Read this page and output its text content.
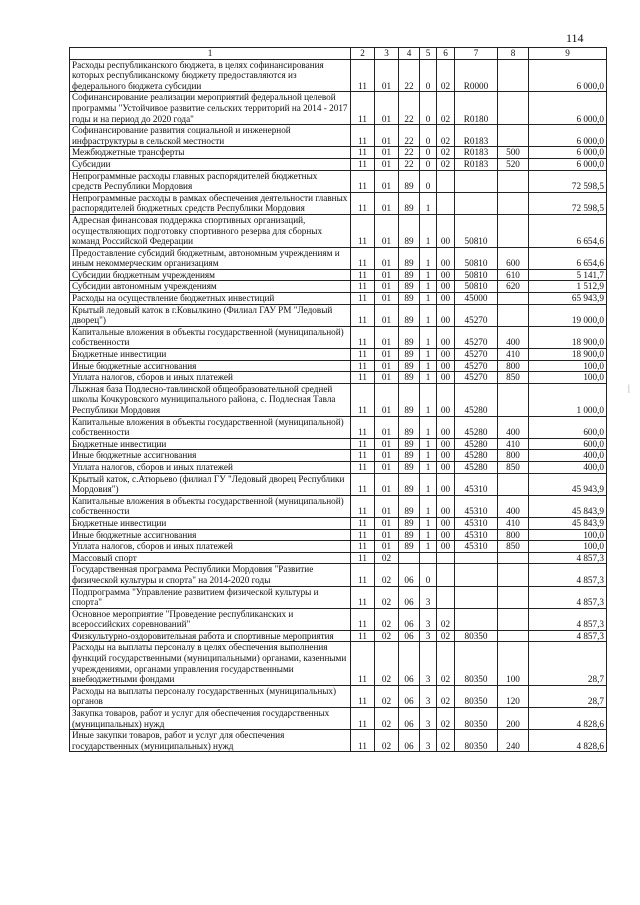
114
1	2	3	4	5	6	7	8	9
Расходы республиканского бюджета, в целях софинансирования которых республиканскому бюджету предоставляются из федерального бюджета субсидии	11	01	22	0	02	R0000		6 000,0
Софинансирование реализации мероприятий федеральной целевой программы "Устойчивое развитие сельских территорий на 2014 - 2017 годы и на период до 2020 года"	11	01	22	0	02	R0180		6 000,0
Софинансирование развития социальной и инженерной инфраструктуры в сельской местности	11	01	22	0	02	R0183		6 000,0
Межбюджетные трансферты	11	01	22	0	02	R0183	500	6 000,0
Субсидии	11	01	22	0	02	R0183	520	6 000,0
Непрограммные расходы главных распорядителей бюджетных средств Республики Мордовия	11	01	89	0				72 598,5
Непрограммные расходы в рамках обеспечения деятельности главных распорядителей бюджетных средств Республики Мордовия	11	01	89	1				72 598,5
Адресная финансовая поддержка спортивных организаций, осуществляющих подготовку спортивного резерва для сборных команд Российской Федерации	11	01	89	1	00	50810		6 654,6
Предоставление субсидий бюджетным, автономным учреждениям и иным некоммерческим организациям	11	01	89	1	00	50810	600	6 654,6
Субсидии бюджетным учреждениям	11	01	89	1	00	50810	610	5 141,7
Субсидии автономным учреждениям	11	01	89	1	00	50810	620	1 512,9
Расходы на осуществление бюджетных инвестиций	11	01	89	1	00	45000		65 943,9
Крытый ледовый каток в г.Ковылкино (Филиал ГАУ РМ "Ледовый дворец")	11	01	89	1	00	45270		19 000,0
Капитальные вложения в объекты государственной (муниципальной) собственности	11	01	89	1	00	45270	400	18 900,0
Бюджетные инвестиции	11	01	89	1	00	45270	410	18 900,0
Иные бюджетные ассигнования	11	01	89	1	00	45270	800	100,0
Уплата налогов, сборов и иных платежей	11	01	89	1	00	45270	850	100,0
Лыжная база Подлесно-тавлинской общеобразовательной средней школы Кочкуровского муниципального района, с. Подлесная Тавла Республики Мордовия	11	01	89	1	00	45280		1 000,0
Капитальные вложения в объекты государственной (муниципальной) собственности	11	01	89	1	00	45280	400	600,0
Бюджетные инвестиции	11	01	89	1	00	45280	410	600,0
Иные бюджетные ассигнования	11	01	89	1	00	45280	800	400,0
Уплата налогов, сборов и иных платежей	11	01	89	1	00	45280	850	400,0
Крытый каток, с.Атюрьево (филиал ГУ "Ледовый дворец Республики Мордовия")	11	01	89	1	00	45310		45 943,9
Капитальные вложения в объекты государственной (муниципальной) собственности	11	01	89	1	00	45310	400	45 843,9
Бюджетные инвестиции	11	01	89	1	00	45310	410	45 843,9
Иные бюджетные ассигнования	11	01	89	1	00	45310	800	100,0
Уплата налогов, сборов и иных платежей	11	01	89	1	00	45310	850	100,0
Массовый спорт	11	02						4 857,3
Государственная программа Республики Мордовия "Развитие физической культуры и спорта" на 2014-2020 годы	11	02	06	0				4 857,3
Подпрограмма "Управление развитием физической культуры и спорта"	11	02	06	3				4 857,3
Основное мероприятие "Проведение республиканских и всероссийских соревнований"	11	02	06	3	02			4 857,3
Физкультурно-оздоровительная работа и спортивные мероприятия	11	02	06	3	02	80350		4 857,3
Расходы на выплаты персоналу в целях обеспечения выполнения функций государственными (муниципальными) органами, казенными учреждениями, органами управления государственными внебюджетными фондами	11	02	06	3	02	80350	100	28,7
Расходы на выплаты персоналу государственных (муниципальных) органов	11	02	06	3	02	80350	120	28,7
Закупка товаров, работ и услуг для обеспечения государственных (муниципальных) нужд	11	02	06	3	02	80350	200	4 828,6
Иные закупки товаров, работ и услуг для обеспечения государственных (муниципальных) нужд	11	02	06	3	02	80350	240	4 828,6
|
